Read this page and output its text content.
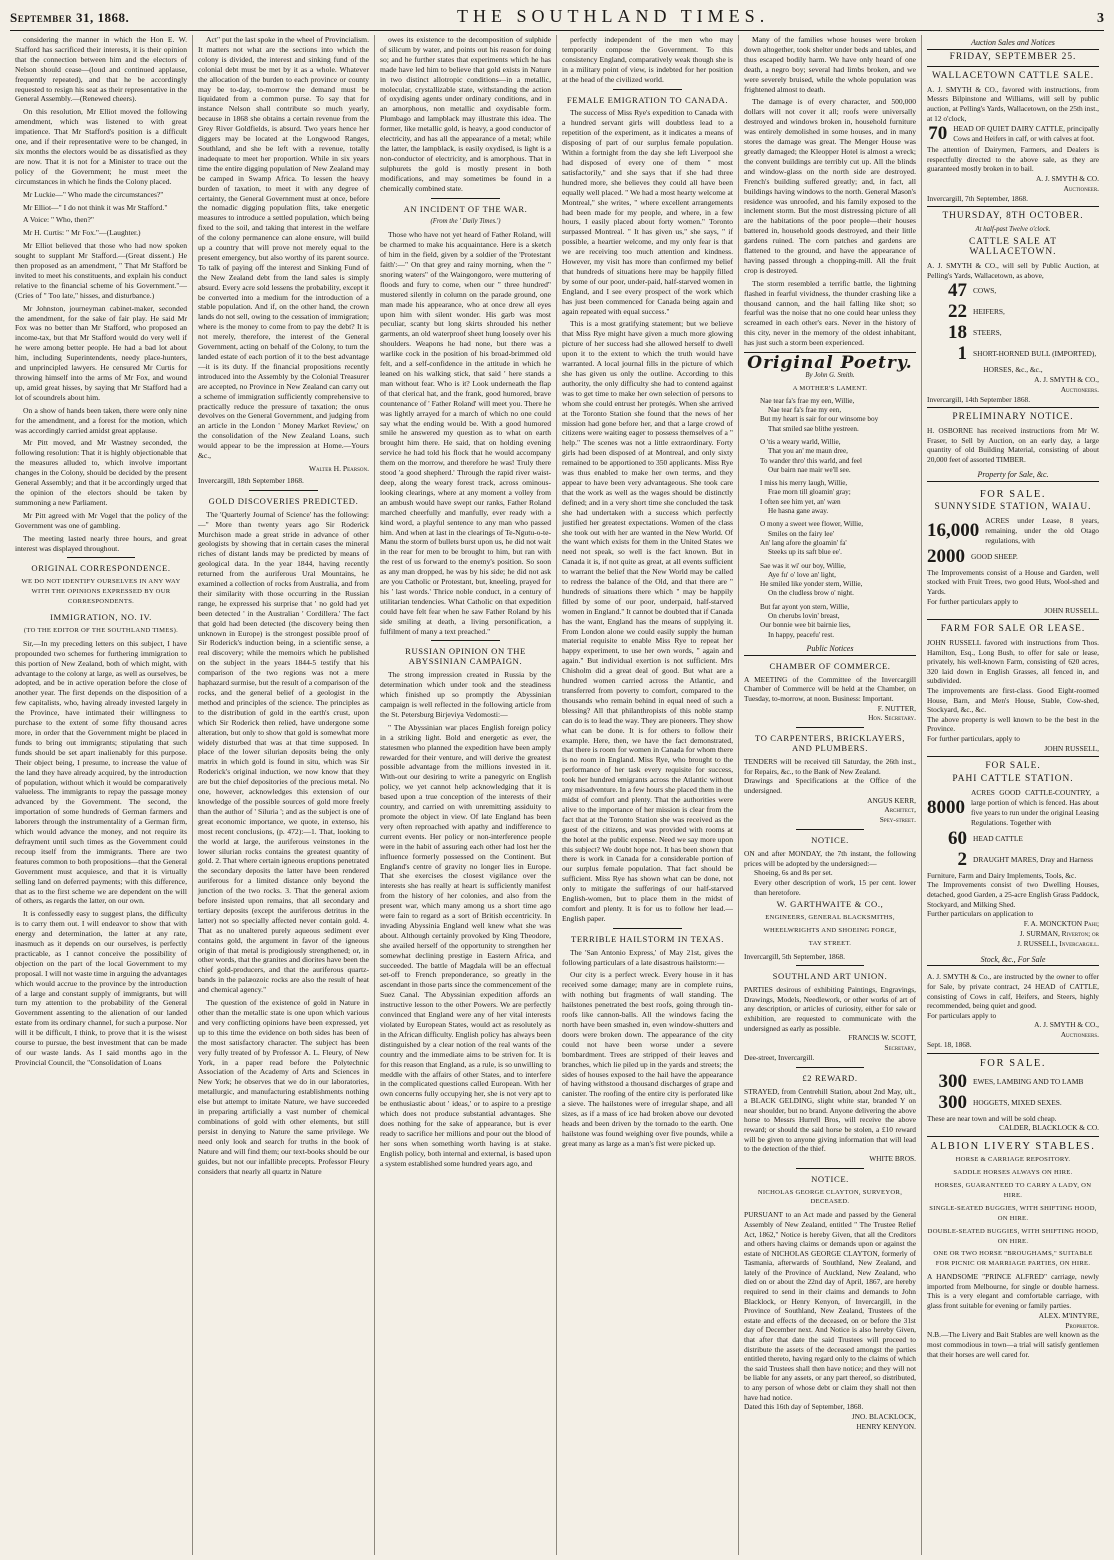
September 31, 1868.	THE SOUTHLAND TIMES.	3

considering the manner in which the Hon E. W. Stafford has sacrificed their interests, it is their opinion that the connection between him and the electors of Nelson should cease—(loud and continued applause, frequently repeated), and that he be accordingly requested to resign his seat as their representative in the General Assembly.—(Renewed cheers).

On this resolution, Mr Elliot moved the following amendment, which was listened to with great impatience. That Mr Stafford's position is a difficult one, and if their representative were to be changed, in six months the electors would be as dissatisfied as they are now. That it is not for a Minister to trace out the policy of the Government; he must meet the circumstances in which he finds the Colony placed.

Mr Luckie—" Who made the circumstances?"

Mr Elliot—" I do not think it was Mr Stafford."

A Voice: " Who, then?"

Mr H. Curtis: " Mr Fox."—(Laughter.)

Mr Elliot believed that those who had now spoken sought to supplant Mr Stafford.—(Great dissent.) He then proposed as an amendment, " That Mr Stafford be invited to meet his constituents, and explain his conduct relative to the financial scheme of his Government."—(Cries of " Too late," hisses, and disturbance.)

Mr Johnston, journeyman cabinet-maker, seconded the amendment, for the sake of fair play. He said Mr Fox was no better than Mr Stafford, who proposed an income-tax, but that Mr Stafford would do very well if he were among better people. He had a bad lot about him, including Superintendents, needy place-hunters, and unprincipled lawyers. He censured Mr Curtis for throwing himself into the arms of Mr Fox, and wound up, amid great hisses, by saying that Mr Stafford had a lot of scoundrels about him.

On a show of hands been taken, there were only nine for the amendment, and a forest for the motion, which was accordingly carried amidst great applause.

Mr Pitt moved, and Mr Wastney seconded, the following resolution: That it is highly objectionable that the measures alluded to, which involve important changes in the Colony, should be decided by the present General Assembly; and that it be accordingly urged that the opinion of the electors should be taken by summoning a new Parliament.

Mr Pitt agreed with Mr Vogel that the policy of the Government was one of gambling.

The meeting lasted nearly three hours, and great interest was displayed throughout.

ORIGINAL CORRESPONDENCE.
WE DO NOT IDENTIFY OURSELVES IN ANY WAY WITH THE OPINIONS EXPRESSED BY OUR CORRESPONDENTS.
IMMIGRATION, NO. IV.
(TO THE EDITOR OF THE SOUTHLAND TIMES).

Sir,—In my preceding letters on this subject, I have propounded two schemes for furthering immigration to this portion of New Zealand, both of which might, with advantage to the colony at large, as well as ourselves, be adopted, and be in active operation before the close of another year. The first depends on the disposition of a few capitalists, who, having already invested largely in the Province, have intimated their willingness to purchase to the extent of some fifty thousand acres more, in order that the Government might be placed in funds to bring out immigrants; stipulating that such funds should be set apart inalienably for this purpose. Their object being, I presume, to increase the value of the land they have already acquired, by the introduction of population, without which it would be comparatively valueless. The immigrants to repay the passage money advanced by the Government. The second, the importation of some hundreds of German farmers and laborers through the instrumentality of a German firm, which would advance the money, and not require its defrayment until such times as the Government could recoup itself from the immigrants. There are two features common to both propositions—that the General Government must acquiesce, and that it is virtually selling land on deferred payments; with this difference, that as to the first scheme we are dependent on the will of others, as regards the latter, on our own.

It is confessedly easy to suggest plans, the difficulty is to carry them out. I will endeavor to show that with energy and determination, the latter at any rate, inasmuch as it depends on our ourselves, is perfectly practicable, as I cannot conceive the possibility of objection on the part of the local Government to my proposal. I will not waste time in arguing the advantages which would accrue to the province by the introduction of a large and constant supply of immigrants, but will turn my attention to the probability of the General Government assenting to the alienation of our landed estate from its ordinary channel, for such a purpose. Nor will it be difficult, I think, to prove that it is the wisest course to pursue, the best investment that can be made of our waste lands. As I said months ago in the Provincial Council, the "Consolidation of Loans

Act" put the last spoke in the wheel of Provincialism. It matters not what are the sections into which the colony is divided, the interest and sinking fund of the colonial debt must be met by it as a whole. Whatever the allocation of the burden to each province or county may be to-day, to-morrow the demand must be liquidated from a common purse. To say that for instance Nelson shall contribute so much yearly, because in 1868 she obtains a certain revenue from the Grey River Goldfields, is absurd. Two years hence her diggers may be located at the Longwood Ranges, Southland, and she be left with a revenue, totally inadequate to meet her proportion. While in six years time the entire digging population of New Zealand may be camped in Swamp Africa. To lessen the heavy burden of taxation, to meet it with any degree of certainty, the General Government must at once, before the nomadic digging population flits, take energetic measures to introduce a settled population, which being fixed to the soil, and taking that interest in the welfare of the colony permanence can alone ensure, will build up a country that will prove not merely equal to the present emergency, but also worthy of its parent source. To talk of paying off the interest and Sinking Fund of the New Zealand debt from the land sales is simply absurd. Every acre sold lessens the probability, except it be converted into a medium for the introduction of a stable population. And if, on the other hand, the crown lands do not sell, owing to the cessation of immigration; where is the money to come from to pay the debt? It is not merely, therefore, the interest of the General Government, acting on behalf of the Colony, to turn the landed estate of each portion of it to the best advantage—it is its duty. If the financial propositions recently introduced into the Assembly by the Colonial Treasurer are accepted, no Province in New Zealand can carry out a scheme of immigration sufficiently comprehensive to practically reduce the pressure of taxation; the onus devolves on the General Government, and judging from an article in the London ' Money Market Review,' on the consolidation of the New Zealand Loans, such would appear to be the impression at Home.—Yours &c.,

Walter H. Pearson.
Invercargill, 18th September 1868.
GOLD DISCOVERIES PREDICTED.

The 'Quarterly Journal of Science' has the following:—" More than twenty years ago Sir Roderick Murchison made a great stride in advance of other geologists by showing that in certain cases the mineral riches of distant lands may be predicted by means of geological data. In the year 1844, having recently returned from the auriferous Ural Mountains, he examined a collection of rocks from Australia, and from their similarity with those occurring in the Russian range, he expressed his surprise that ' no gold had yet been detected ' in the Australian ' Cordillera.' The fact that gold had been detected (the discovery being then unknown in Europe) is the strongest possible proof of Sir Roderick's induction being, in a scientific sense, a real discovery; while the memoirs which he published on the subject in the years 1844-5 testify that his comparison of the two regions was not a mere haphazard surmise, but the result of a comparison of the rocks, and the general belief of a geologist in the method and principles of the science. The principles as to the distribution of gold in the earth's crust, upon which Sir Roderick then relied, have undergone some alteration, but only to show that gold is somewhat more widely disturbed that was at that time supposed. In place of the lower silurian deposits being the only matrix in which gold is found in situ, which was Sir Roderick's original induction, we now know that they are but the chief depositories of the precious metal. No one, however, acknowledges this extension of our knowledge of the possible sources of gold more freely than the author of ' Siluria '; and as the subject is one of great economic importance, we quote, in extenso, his most recent conclusions, (p. 472):—1. That, looking to the world at large, the auriferous veinstones in the lower silurian rocks contains the greatest quantity of gold. 2. That where certain igneous eruptions penetrated the secondary deposits the latter have been rendered auriferous for a limited distance only beyond the junction of the two rocks. 3. That the general axiom before insisted upon remains, that all secondary and tertiary deposits (except the auriferous detritus in the latter) not so specially affected never contain gold. 4. That as no unaltered purely aqueous sediment ever contains gold, the argument in favor of the igneous origin of that metal is prodigiously strengthened; or, in other words, that the granites and diorites have been the chief gold-producers, and that the auriferous quartz-bands in the palæozoic rocks are also the result of heat and chemical agency."

The question of the existence of gold in Nature in other than the metallic state is one upon which various and very conflicting opinions have been expressed, yet up to this time the evidence on both sides has been of the most satisfactory character. The subject has been very fully treated of by Professor A. L. Fleury, of New York, in a paper read before the Polytechnic Association of the Academy of Arts and Sciences in New York; he observes that we do in our laboratories, metallurgic, and manufacturing establishments nothing else but attempt to imitate Nature, we have succeeded in preparing artificially a vast number of chemical combinations of gold with other elements, but still persist in denying to Nature the same privilege. We need only look and search for truths in the book of Nature and will find them; our text-books should be our guides, but not our infallible precepts. Professor Fleury considers that nearly all quartz in Nature

owes its existence to the decomposition of sulphide of silicum by water, and points out his reason for doing so; and he further states that experiments which he has made have led him to believe that gold exists in Nature in two distinct allotropic conditions—in a metallic, molecular, crystallizable state, withstanding the action of oxydising agents under ordinary conditions, and in an amorphous, non metallic and oxydisable form. Plumbago and lampblack may illustrate this idea. The former, like metallic gold, is heavy, a good conductor of electricity, and has all the appearance of a metal; while the latter, the lampblack, is easily oxydised, is light is a non-conductor of electricity, and is amorphous. That in sulphurets the gold is mostly present in both modifications, and may sometimes be found in a chemically combined state.

AN INCIDENT OF THE WAR.
(From the ' Daily Times.')

Those who have not yet heard of Father Roland, will be charmed to make his acquaintance. Here is a sketch of him in the field, given by a soldier of the 'Protestant faith':—" On that grey and rainy morning, when the " snoring waters" of the Waingongoro, were muttering of floods and fury to come, when our " three hundred" mustered silently in column on the parade ground, one man made his appearance, who at once drew all eyes upon him with silent wonder. His garb was most peculiar, scanty but long skirts shrouded his nether garments, an old waterproof sheet hung loosely over his shoulders. Weapons he had none, but there was a warlike cock in the position of his broad-brimmed old felt, and a self-confidence in the attitude in which he leaned on his walking stick, that said ' here stands a man without fear. Who is it? Look underneath the flap of that clerical hat, and the frank, good humored, brave countenance of ' Father Roland' will meet you. There he was lightly arrayed for a march of which no one could say what the ending would be. With a good humored smile he answered my question as to what on earth brought him there. He said, that on holding evening service he had told his flock that he would accompany them on the morrow, and therefore he was! Truly there stood 'a good shepherd.' Through the rapid river waist-deep, along the weary forest track, across ominous-looking clearings, where at any moment a volley from an ambush would have swept our ranks, Father Roland marched cheerfully and manfully, ever ready with a kind word, a playful sentence to any man who passed him. And when at last in the clearings of Te-Ngutu-o-te-Manu the storm of bullets burst upon us, he did not wait in the rear for men to be brought to him, but ran with the rest of us forward to the enemy's position. So soon as any man dropped, he was by his side; he did not ask are you Catholic or Protestant, but, kneeling, prayed for his ' last words.' Thrice noble conduct, in a century of utilitarian tendencies. What Catholic on that expedition could have felt fear when he saw Father Roland by his side smiling at death, a living personification, a fulfilment of many a text preached."

RUSSIAN OPINION ON THE ABYSSINIAN CAMPAIGN.

The strong impression created in Russia by the determination which under took and the steadiness which finished up so promptly the Abyssinian campaign is well reflected in the following article from the St. Petersburg Birjeviya Vedomosti:—

" The Abyssinian war places English foreign policy in a striking light. Bold and energetic as ever, the statesmen who planned the expedition have been amply rewarded for their venture, and will derive the greatest possible advantage from the millions invested in it. With-out our desiring to write a panegyric on English policy, we yet cannot help acknowledging that it is based upon a true conception of the interests of their country, and carried on with unremitting assiduity to promote the object in view. Of late England has been very often reproached with apathy and indifference to current events. Her policy or non-interference people were in the habit of assuring each other had lost her the influence formerly possessed on the Continent. But England's centre of gravity no longer lies in Europe. That she exercises the closest vigilance over the interests she has really at heart is sufficiently manifest from the history of her colonies, and also from the present war, which many among us a short time ago were fain to regard as a sort of British eccentricity. In invading Abyssinia England well knew what she was about. Although certainly provoked by King Theodore, she availed herself of the opportunity to strengthen her somewhat declining prestige in Eastern Africa, and succeeded. The battle of Magdala will be an effectual set-off to French preponderance, so greatly in the ascendant in those parts since the commencement of the Suez Canal. The Abyssinian expedition affords an instructive lesson to the other Powers. We are perfectly convinced that England were any of her vital interests violated by European States, would act as resolutely as in the African difficulty. English policy has always been distinguished by a clear notion of the real wants of the country and the immediate aims to be striven for. It is for this reason that England, as a rule, is so unwilling to meddle with the affairs of other States, and to interfere in the complicated questions called European. With her own concerns fully occupying her, she is not very apt to be enthusiastic about ' ideas,' or to aspire to a prestige which does not produce substantial advantages. She does nothing for the sake of appearance, but is ever ready to sacrifice her millions and pour out the blood of her sons when something worth having is at stake. English policy, both internal and external, is based upon a system established some hundred years ago, and

perfectly independent of the men who may temporarily compose the Government. To this consistency England, comparatively weak though she is in a military point of view, is indebted for her position at the head of the civilized world.

FEMALE EMIGRATION TO CANADA.

The success of Miss Rye's expedition to Canada with a hundred servant girls will doubtless lead to a repetition of the experiment, as it indicates a means of disposing of part of our surplus female population. Within a fortnight from the day she left Liverpool she had disposed of every one of them " most satisfactorily," and she says that if she had three hundred more, she believes they could all have been equally well placed. " We had a most hearty welcome at Montreal," she writes, " where excellent arrangements had been made for my people, and where, in a few hours, I easily placed about forty women." Toronto surpassed Montreal. " It has given us," she says, " if possible, a heartier welcome, and my only fear is that we are receiving too much attention and kindness. However, my visit has more than confirmed my belief that hundreds of situations here may be happily filled by some of our poor, under-paid, half-starved women in England, and I see every prospect of the work which has just been commenced for Canada being again and again repeated with equal success."

This is a most gratifying statement; but we believe that Miss Rye might have given a much more glowing picture of her success had she allowed herself to dwell upon it to the extent to which the truth would have warranted. A local journal fills in the picture of which she has given us only the outline. According to this authority, the only difficulty she had to contend against was to get time to make her own selection of persons to whom she could entrust her protegés. When she arrived at the Toronto Station she found that the news of her mission had gone before her, and that a large crowd of citizens were waiting eager to possess themselves of a " help." The scenes was not a little extraordinary. Forty girls had been disposed of at Montreal, and only sixty remained to be apportioned to 350 applicants. Miss Rye was thus enabled to make her own terms, and they appear to have been very advantageous. She took care that the work as well as the wages should be distinctly defined; and in a very short time she concluded the task she had undertaken with a success which perfectly justified her greatest expectations. Women of the class she took out with her are wanted in the New World. Of the want which exists for them in the United States we need not speak, so well is the fact known. But in Canada it is, if not quite as great, at all events sufficient to warrant the belief that the New World may be called to redress the balance of the Old, and that there are " hundreds of situations there which " may be happily filled by some of our poor, underpaid, half-starved women in England." It cannot be doubted that if Canada has the want, England has the means of supplying it. From London alone we could easily supply the human material requisite to enable Miss Rye to repeat her happy experiment, to use her own words, " again and again." But individual exertion is not sufficient. Mrs Chisholm did a great deal of good. But what are a hundred women carried across the Atlantic, and transferred from poverty to comfort, compared to the thousands who remain behind in equal need of such a blessing? All that philanthropists of this noble stamp can do is to lead the way. They are pioneers. They show what can be done. It is for others to follow their example. Here, then, we have the fact demonstrated, that there is room for women in Canada for whom there is no room in England. Miss Rye, who brought to the performance of her task every requisite for success, took her hundred emigrants across the Atlantic without any misadventure. In a few hours she placed them in the midst of comfort and plenty. That the authorities were alive to the importance of her mission is clear from the fact that at the Toronto Station she was received as the guest of the citizens, and was provided with rooms at the hotel at the public expense. Need we say more upon this subject? We doubt hope not. It has been shown that there is work in Canada for a considerable portion of our surplus female population. That fact should be sufficient. Miss Rye has shown what can be done, not only to mitigate the sufferings of our half-starved English-women, but to place them in the midst of comfort and plenty. It is for us to follow her lead.—English paper.

TERRIBLE HAILSTORM IN TEXAS.

The 'San Antonio Express,' of May 21st, gives the following particulars of a late disastrous hailstorm:—

Our city is a perfect wreck. Every house in it has received some damage; many are in complete ruins, with nothing but fragments of wall standing. The hailstones penetrated the best roofs, going through tin-roofs like cannon-balls. All the windows facing the north have been smashed in, even window-shutters and doors were broken down. The appearance of the city could not have been worse under a severe bombardment. Trees are stripped of their leaves and branches, which lie piled up in the yards and streets; the sides of houses exposed to the hail have the appearance of having withstood a thousand discharges of grape and canister. The roofing of the entire city is perforated like a sieve. The hailstones were of irregular shape, and all sizes, as if a mass of ice had broken above our devoted heads and been driven by the tornado to the earth. One hailstone was found weighing over five pounds, while a great many as large as a man's fist were picked up.

Many of the families whose houses were broken down altogether, took shelter under beds and tables, and thus escaped bodily harm. We have only heard of one death, a negro boy; several had limbs broken, and we were severely bruised, while the whole population was frightened almost to death.

The damage is of every character, and 500,000 dollars will not cover it all; roofs were universally destroyed and windows broken in, household furniture was entirely demolished in some houses, and in many stores the damage was great. The Menger House was greatly damaged; the Kleopper Hotel is almost a wreck; the convent buildings are terribly cut up. All the blinds and window-glass on the north side are destroyed. French's building suffered greatly; and, in fact, all buildings having windows to the north. General Mason's residence was unroofed, and his family exposed to the inclement storm. But the most distressing picture of all are the habitations of the poor people—their houses battered in, household goods destroyed, and their little gardens ruined. The corn patches and gardens are flattened to the ground, and have the appearance of having passed through a chopping-mill. All the fruit crop is destroyed.

The storm resembled a terrific battle, the lightning flashed in fearful vividness, the thunder crashing like a thousand cannon, and the hail falling like shot; so fearful was the noise that no one could hear unless they screamed in each other's ears. Never in the history of this city, never in the memory of the oldest inhabitant, has just such a storm been experienced.

Original Poetry.
By John G. Smith.
A MOTHER'S LAMENT.
Nae tear fa's frae my een, Willie,
Nae tear fa's frae my een,
But my heart is sair for our winsome boy
That smiled sae blithe yestreen.
O 'tis a weary warld, Willie,
That you an' me maun dree,
To wander thro' this warld, and feel
Our bairn nae mair we'll see.
I miss his merry laugh, Willie,
Frae morn till gloamin' gray;
I often see him yet, an' wæn
He hasna gane away.
O mony a sweet wee flower, Willie,
Smiles on the fairy lee'
An' lang afore the gloamin' fa'
Steeks up its saft blue ee'.
Sae was it wi' our boy, Willie,
Aye fu' o' love an' light,
He smiled like yonder stern, Willie,
On the cludless brow o' night.
But far ayont yon stern, Willie,
On cherubs lovin' breast,
Our bonnie wee bit bairnie lies,
In happy, peacefu' rest.
Public Notices
CHAMBER OF COMMERCE.
A MEETING of the Committee of the Invercargill Chamber of Commerce will be held at the Chamber, on Tuesday, to-morrow, at noon. Business: Important.
F. NUTTER,
Hon. Secretary.
TO CARPENTERS, BRICKLAYERS, AND PLUMBERS.
TENDERS will be received till Saturday, the 26th inst., for Repairs, &c., to the Bank of New Zealand.
Drawings and Specifications at the Office of the undersigned.
ANGUS KERR,
Architect,
Spey-street.
NOTICE.
ON and after MONDAY, the 7th instant, the following prices will be adopted by the undersigned:—
Shoeing, 6s and 8s per set.
Every other description of work, 15 per cent. lower than heretofore.
W. GARTHWAITE & CO.,
ENGINEERS, GENERAL BLACKSMITHS,
WHEELWRIGHTS AND SHOEING FORGE,
TAY STREET.
Invercargill, 5th September, 1868.
SOUTHLAND ART UNION.
PARTIES desirous of exhibiting Paintings, Engravings, Drawings, Models, Needlework, or other works of art of any description, or articles of curiosity, either for sale or exhibition, are requested to communicate with the undersigned as early as possible.
FRANCIS W. SCOTT,
Secretary,
Dee-street, Invercargill.
£2 REWARD.
STRAYED, from Centrehill Station, about 2nd May, ult., a BLACK GELDING, slight white star, branded Y on near shoulder, but no brand. Anyone delivering the above horse to Messrs Hurrell Bros, will receive the above reward; or should the said horse be stolen, a £10 reward will be given to anyone giving information that will lead to the detection of the thief.
WHITE BROS.
NOTICE.
NICHOLAS GEORGE CLAYTON, SURVEYOR, DECEASED.
PURSUANT to an Act made and passed by the General Assembly of New Zealand, entitled " The Trustee Relief Act, 1862," Notice is hereby Given, that all the Creditors and others having claims or demands upon or against the estate of NICHOLAS GEORGE CLAYTON, formerly of Tasmania, afterwards of Southland, New Zealand, and lately of the Province of Auckland, New Zealand, who died on or about the 22nd day of April, 1867, are hereby required to send in their claims and demands to John Blacklock, or Henry Kenyon, of Invercargill, in the Province of Southland, New Zealand, Trustees of the estate and effects of the deceased, on or before the 31st day of December next. And Notice is also hereby Given, that after that date the said Trustees will proceed to distribute the assets of the deceased amongst the parties entitled thereto, having regard only to the claims of which the said Trustees shall then have notice; and they will not be liable for any assets, or any part thereof, so distributed, to any person of whose debt or claim they shall not then have had notice.
Dated this 16th day of September, 1868.
JNO. BLACKLOCK,
HENRY KENYON.
Auction Sales and Notices
FRIDAY, SEPTEMBER 25.
WALLACETOWN CATTLE SALE.
A. J. SMYTH & CO., favored with instructions, from Messrs Bilpinstone and Williams, will sell by public auction, at Pelling's Yards, Wallacetown, on the 25th inst., at 12 o'clock,
70 HEAD OF QUIET DAIRY CATTLE, principally Cows and Heifers in calf, or with calves at foot.
The attention of Dairymen, Farmers, and Dealers is respectfully directed to the above sale, as they are guaranteed mostly broken in to bail.
A. J. SMYTH & CO.
Auctioneer.
Invercargill, 7th September, 1868.
THURSDAY, 8TH OCTOBER.
At half-past Twelve o'clock.
CATTLE SALE AT WALLACETOWN.
A. J. SMYTH & CO., will sell by Public Auction, at Pelling's Yards, Wallacetown, as above,
47 COWS,
22 HEIFERS,
18 STEERS,
1 SHORT-HORNED BULL (IMPORTED),
HORSES, &c., &c.,
A. J. SMYTH & CO.,
Auctioneers.
Invercargill, 14th September 1868.
PRELIMINARY NOTICE.
H. OSBORNE has received instructions from Mr W. Fraser, to Sell by Auction, on an early day, a large quantity of old Building Material, consisting of about 20,000 feet of assorted TIMBER.
Property for Sale, &c.
FOR SALE.
SUNNYSIDE STATION, WAIAU.
16,000 ACRES under Lease, 8 years, remaining, under the old Otago regulations, with
2000 GOOD SHEEP.
The Improvements consist of a House and Garden, well stocked with Fruit Trees, two good Huts, Wool-shed and Yards.
For further particulars apply to
JOHN RUSSELL.
FARM FOR SALE OR LEASE.
JOHN RUSSELL favored with instructions from Thos. Hamilton, Esq., Long Bush, to offer for sale or lease, privately, his well-known Farm, consisting of 620 acres, 320 laid down in English Grasses, all fenced in, and subdivided.
The improvements are first-class. Good Eight-roomed House, Barn, and Men's House, Stable, Cow-shed, Stockyard, &c., &c.
The above property is well known to be the best in the Province.
For further particulars, apply to
JOHN RUSSELL,
FOR SALE.
PAHI CATTLE STATION.
8000
ACRES GOOD CATTLE-COUNTRY, a large portion of which is fenced. Has about five years to run under the original Leasing Regulations. Together with
60 HEAD CATTLE
2 DRAUGHT MARES, Dray and Harness
Furniture, Farm and Dairy Implements, Tools, &c.
The Improvements consist of two Dwelling Houses, detached, good Garden, a 25-acre English Grass Paddock, Stockyard, and Milking Shed.
Further particulars on application to
F. A. MONCKTON Pahi;
J. SURMAN, Riverton; or
J. RUSSELL, Invercargill.
Stock, &c., For Sale
A. J. SMYTH & Co., are instructed by the owner to offer for Sale, by private contract, 24 HEAD of CATTLE, consisting of Cows in calf, Heifers, and Steers, highly recommended, being quiet and good.
For particulars apply to
A. J. SMYTH & CO.,
Auctioneers.
Sept. 18, 1868.
FOR SALE.
300 EWES, LAMBING AND TO LAMB
300 HOGGETS, MIXED SEXES.
These are near town and will be sold cheap.
CALDER, BLACKLOCK & CO.
ALBION LIVERY STABLES.
HORSE & CARRIAGE REPOSITORY.
SADDLE HORSES ALWAYS ON HIRE.
HORSES, GUARANTEED TO CARRY A LADY, ON HIRE.
SINGLE-SEATED BUGGIES, WITH SHIFTING HOOD, ON HIRE.
DOUBLE-SEATED BUGGIES, WITH SHIFTING HOOD, ON HIRE.
ONE OR TWO HORSE "BROUGHAMS," SUITABLE FOR PICNIC OR MARRIAGE PARTIES, ON HIRE.
A HANDSOME "PRINCE ALFRED" carriage, newly imported from Melbourne, for single or double harness. This is a very elegant and comfortable carriage, with glass front suitable for evening or family parties.
ALEX. M'INTYRE,
Proprietor.
N.B.—The Livery and Bait Stables are well known as the most commodious in town—a trial will satisfy gentlemen that their horses are well cared for.
